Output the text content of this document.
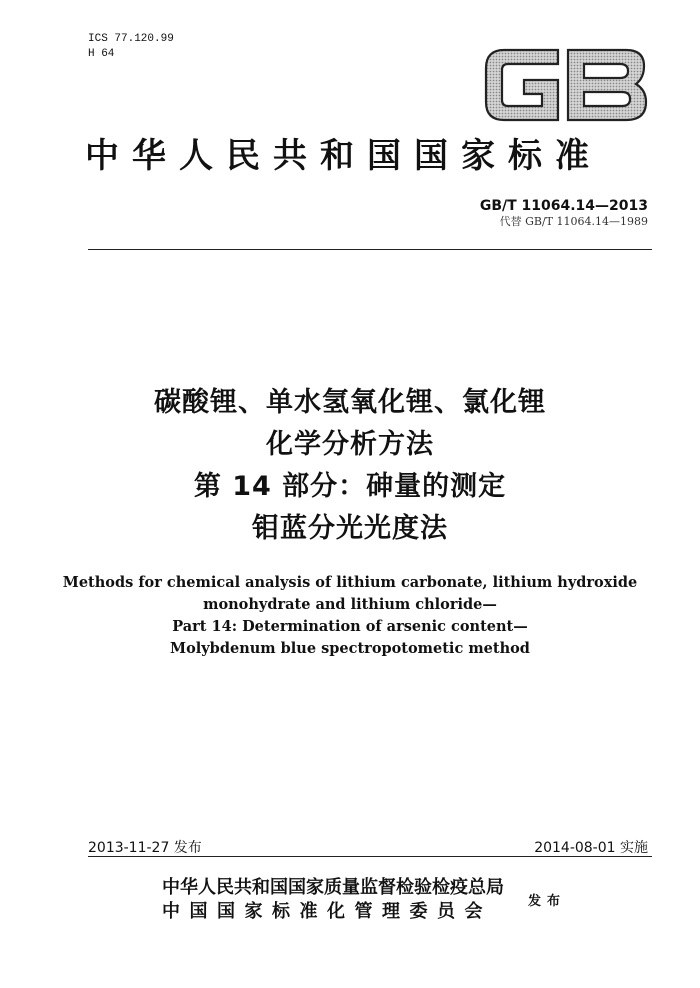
ICS 77.120.99
H 64
中华人民共和国国家标准
GB/T 11064.14—2013
代替 GB/T 11064.14—1989
碳酸锂、单水氢氧化锂、氯化锂
化学分析方法
第 14 部分：砷量的测定
钼蓝分光光度法
Methods for chemical analysis of lithium carbonate, lithium hydroxide
monohydrate and lithium chloride—
Part 14: Determination of arsenic content—
Molybdenum blue spectropotometic method
2013-11-27 发布	2014-08-01 实施
中华人民共和国国家质量监督检验检疫总局
中国国家标准化管理委员会	发布
